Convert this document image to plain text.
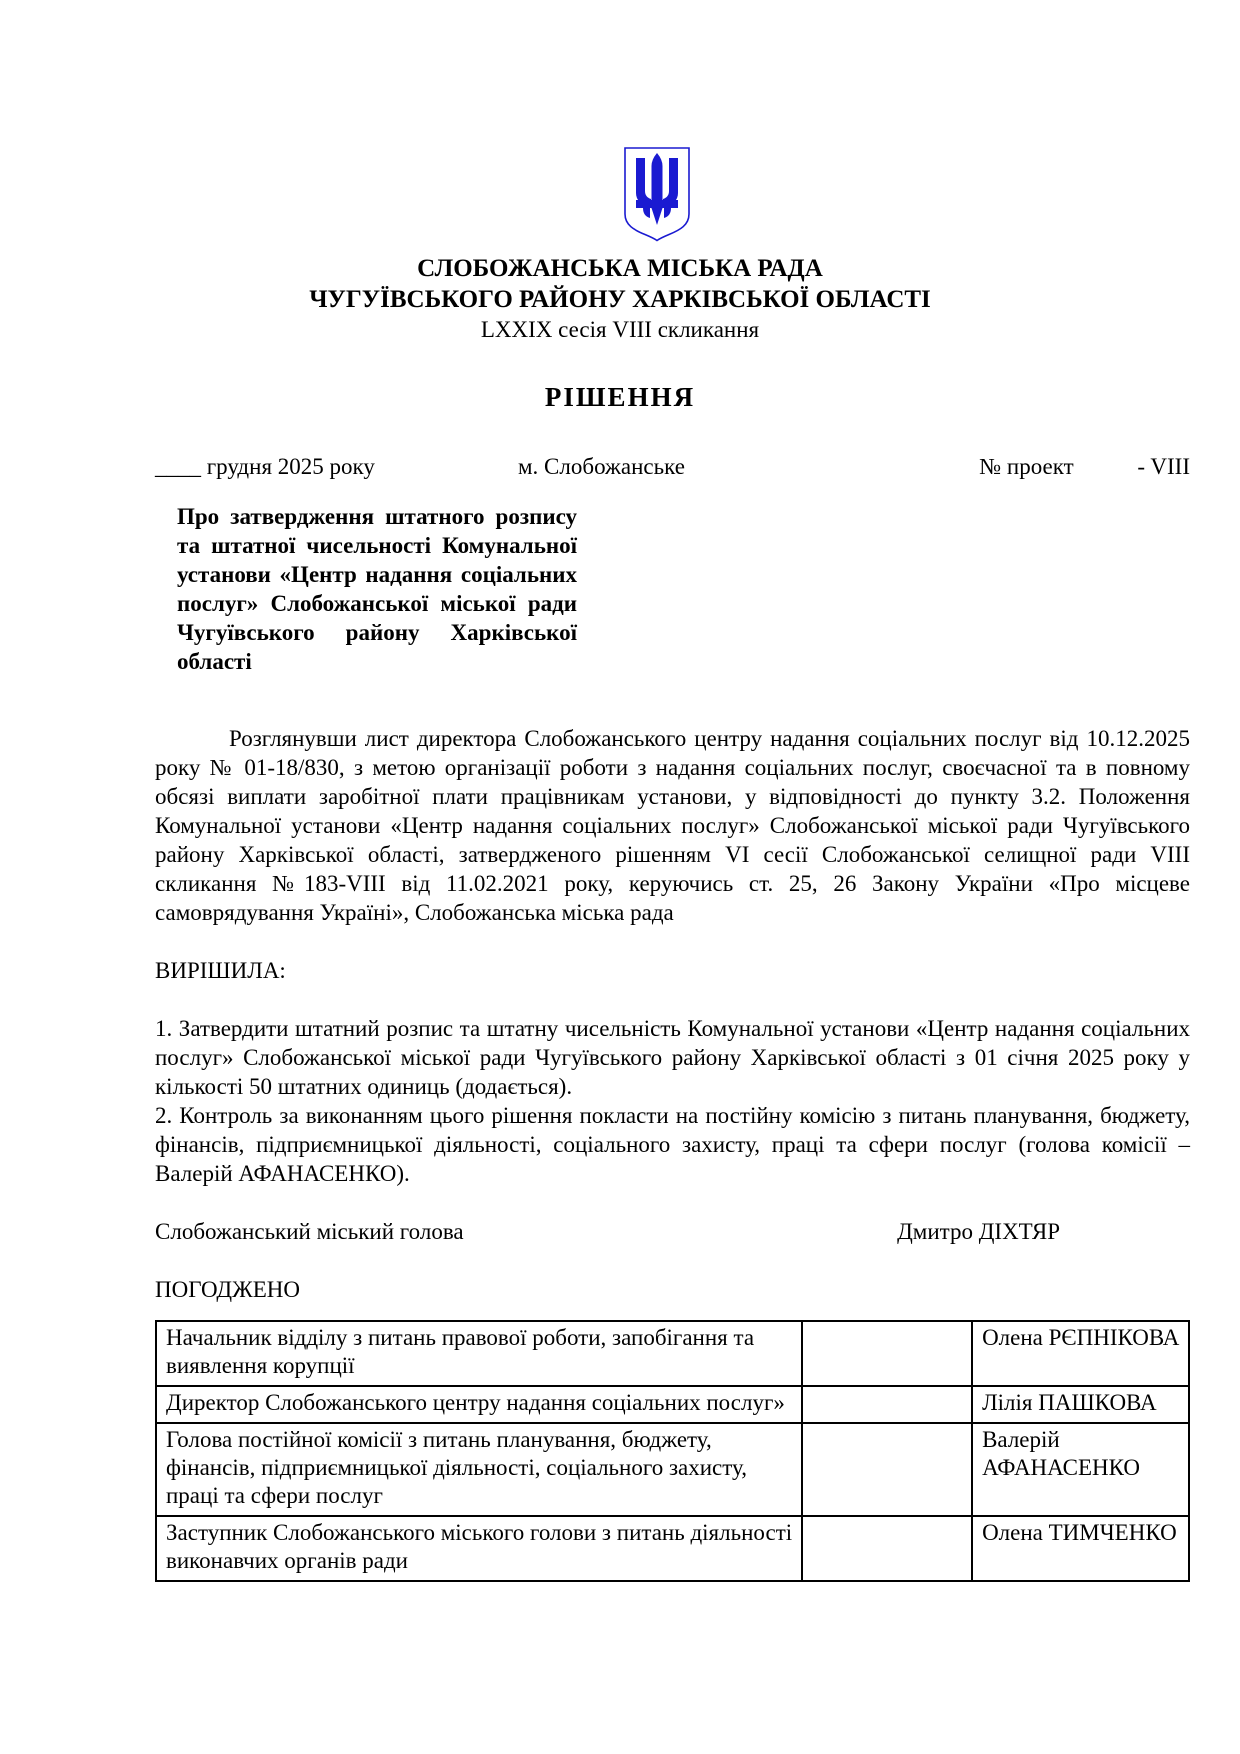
СЛОБОЖАНСЬКА МІСЬКА РАДА
ЧУГУЇВСЬКОГО РАЙОНУ ХАРКІВСЬКОЇ ОБЛАСТІ
LXXIX сесія VIII скликання
РІШЕННЯ
____ грудня 2025 року	м. Слобожанське	№ проект	- VIII
Про затвердження штатного розпису та штатної чисельності Комунальної установи «Центр надання соціальних послуг» Слобожанської міської ради Чугуївського району Харківської області

Розглянувши лист директора Слобожанського центру надання соціальних послуг від 10.12.2025 року № 01-18/830, з метою організації роботи з надання соціальних послуг, своєчасної та в повному обсязі виплати заробітної плати працівникам установи, у відповідності до пункту 3.2. Положення Комунальної установи «Центр надання соціальних послуг» Слобожанської міської ради Чугуївського району Харківської області, затвердженого рішенням VI сесії Слобожанської селищної ради VIII скликання №183-VIII від 11.02.2021 року, керуючись ст. 25, 26 Закону України «Про місцеве самоврядування Україні», Слобожанська міська рада

ВИРІШИЛА:

1. Затвердити штатний розпис та штатну чисельність Комунальної установи «Центр надання соціальних послуг» Слобожанської міської ради Чугуївського району Харківської області з 01 січня 2025 року у кількості 50 штатних одиниць (додається).

2. Контроль за виконанням цього рішення покласти на постійну комісію з питань планування, бюджету, фінансів, підприємницької діяльності, соціального захисту, праці та сфери послуг (голова комісії – Валерій АФАНАСЕНКО).

Слобожанський міський голова	Дмитро ДІХТЯР
ПОГОДЖЕНО
Начальник відділу з питань правової роботи, запобігання та виявлення корупції		Олена РЄПНІКОВА
Директор Слобожанського центру надання соціальних послуг»		Лілія ПАШКОВА
Голова постійної комісії з питань планування, бюджету, фінансів, підприємницької діяльності, соціального захисту, праці та сфери послуг		Валерій АФАНАСЕНКО
Заступник Слобожанського міського голови з питань діяльності виконавчих органів ради		Олена ТИМЧЕНКО
